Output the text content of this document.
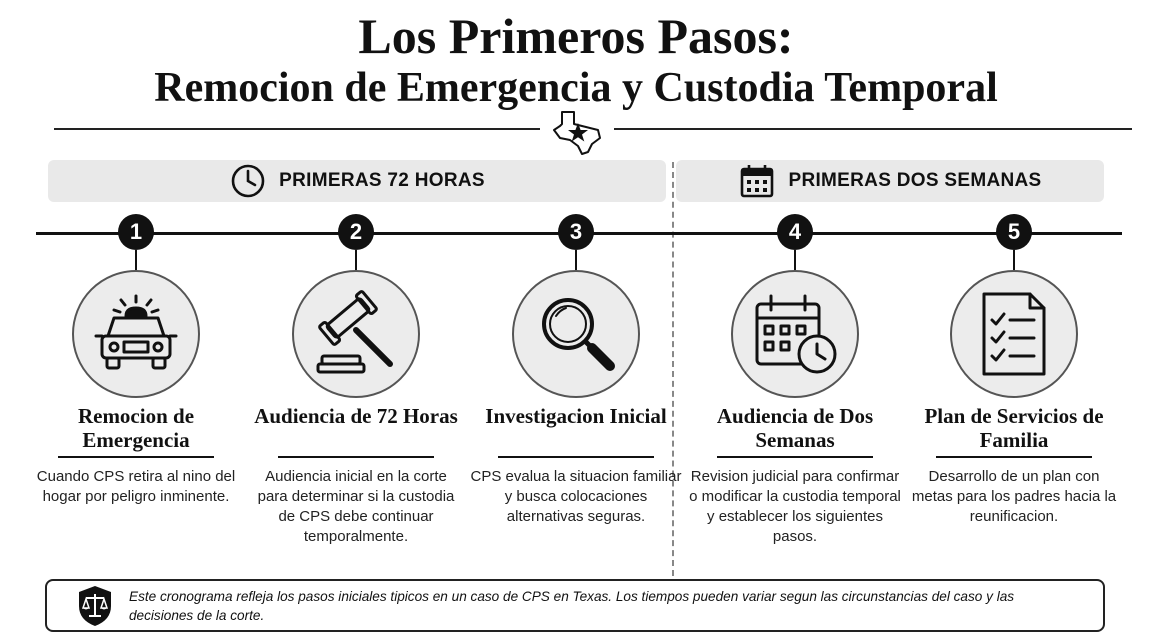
Los Primeros Pasos:
Remocion de Emergencia y Custodia Temporal
PRIMERAS 72 HORAS	PRIMERAS DOS SEMANAS
1
Remocion de Emergencia
Cuando CPS retira al nino del hogar por peligro inminente.
2
Audiencia de 72 Horas
Audiencia inicial en la corte para determinar si la custodia de CPS debe continuar temporalmente.
3
Investigacion Inicial
CPS evalua la situacion familiar y busca colocaciones alternativas seguras.
4
Audiencia de Dos Semanas
Revision judicial para confirmar o modificar la custodia temporal y establecer los siguientes pasos.
5
Plan de Servicios de Familia
Desarrollo de un plan con metas para los padres hacia la reunificacion.
Este cronograma refleja los pasos iniciales tipicos en un caso de CPS en Texas. Los tiempos pueden variar segun las circunstancias del caso y las decisiones de la corte.
